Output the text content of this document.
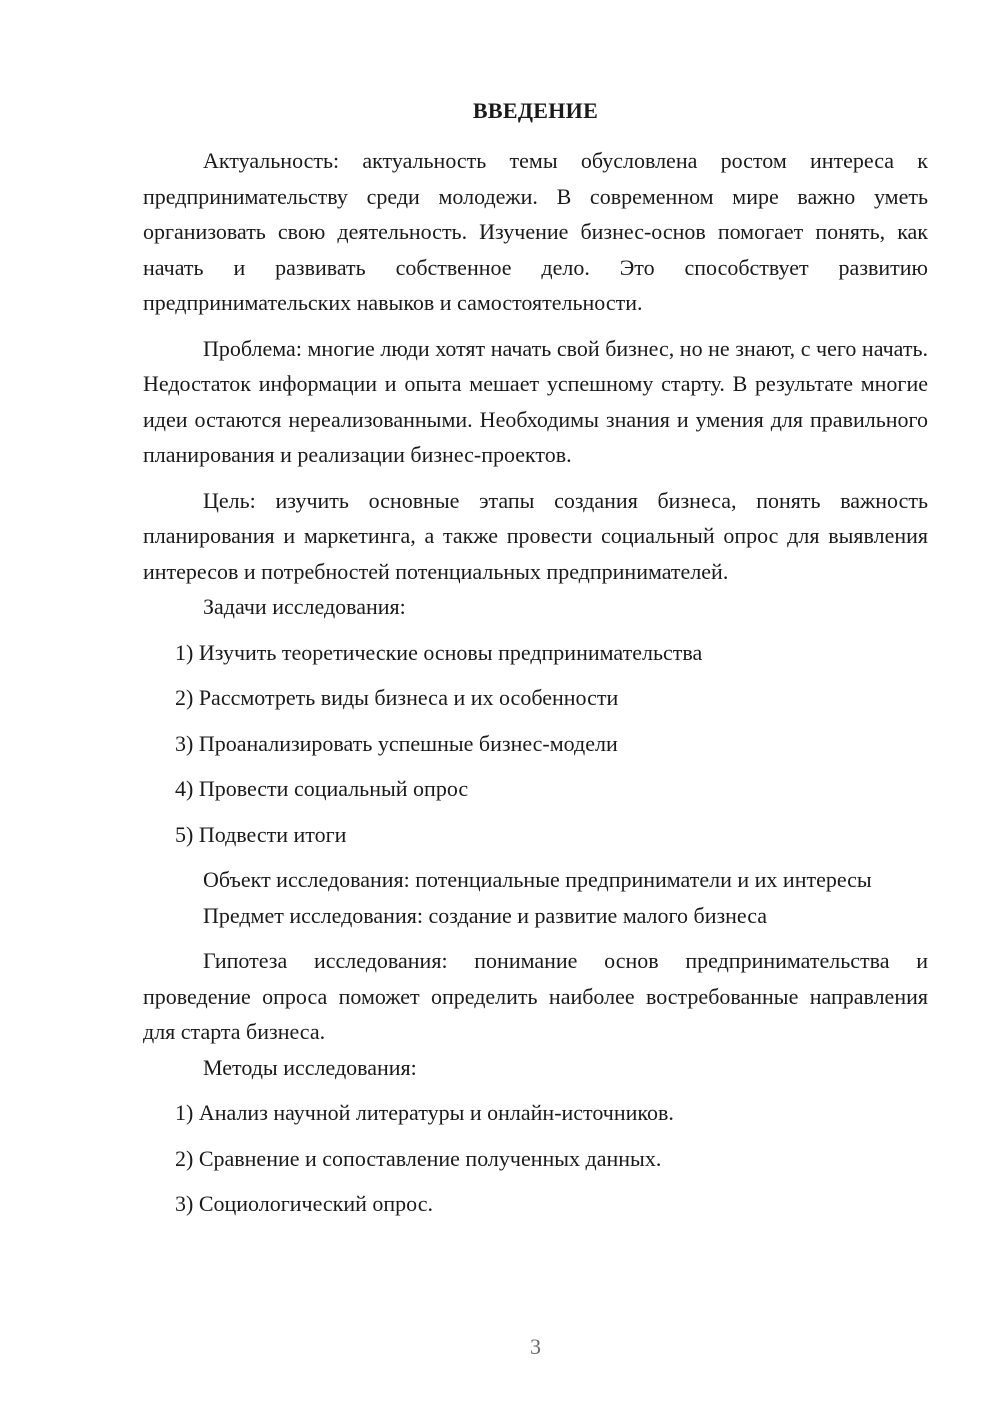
ВВЕДЕНИЕ

Актуальность: актуальность темы обусловлена ростом интереса к предпринимательству среди молодежи. В современном мире важно уметь организовать свою деятельность. Изучение бизнес-основ помогает понять, как начать и развивать собственное дело. Это способствует развитию предпринимательских навыков и самостоятельности.

Проблема: многие люди хотят начать свой бизнес, но не знают, с чего начать. Недостаток информации и опыта мешает успешному старту. В результате многие идеи остаются нереализованными. Необходимы знания и умения для правильного планирования и реализации бизнес-проектов.

Цель: изучить основные этапы создания бизнеса, понять важность планирования и маркетинга, а также провести социальный опрос для выявления интересов и потребностей потенциальных предпринимателей.

Задачи исследования:

1) Изучить теоретические основы предпринимательства

2) Рассмотреть виды бизнеса и их особенности

3) Проанализировать успешные бизнес-модели

4) Провести социальный опрос

5) Подвести итоги

Объект исследования: потенциальные предприниматели и их интересы

Предмет исследования: создание и развитие малого бизнеса

Гипотеза исследования: понимание основ предпринимательства и проведение опроса поможет определить наиболее востребованные направления для старта бизнеса.

Методы исследования:

1) Анализ научной литературы и онлайн-источников.

2) Сравнение и сопоставление полученных данных.

3) Социологический опрос.

3
